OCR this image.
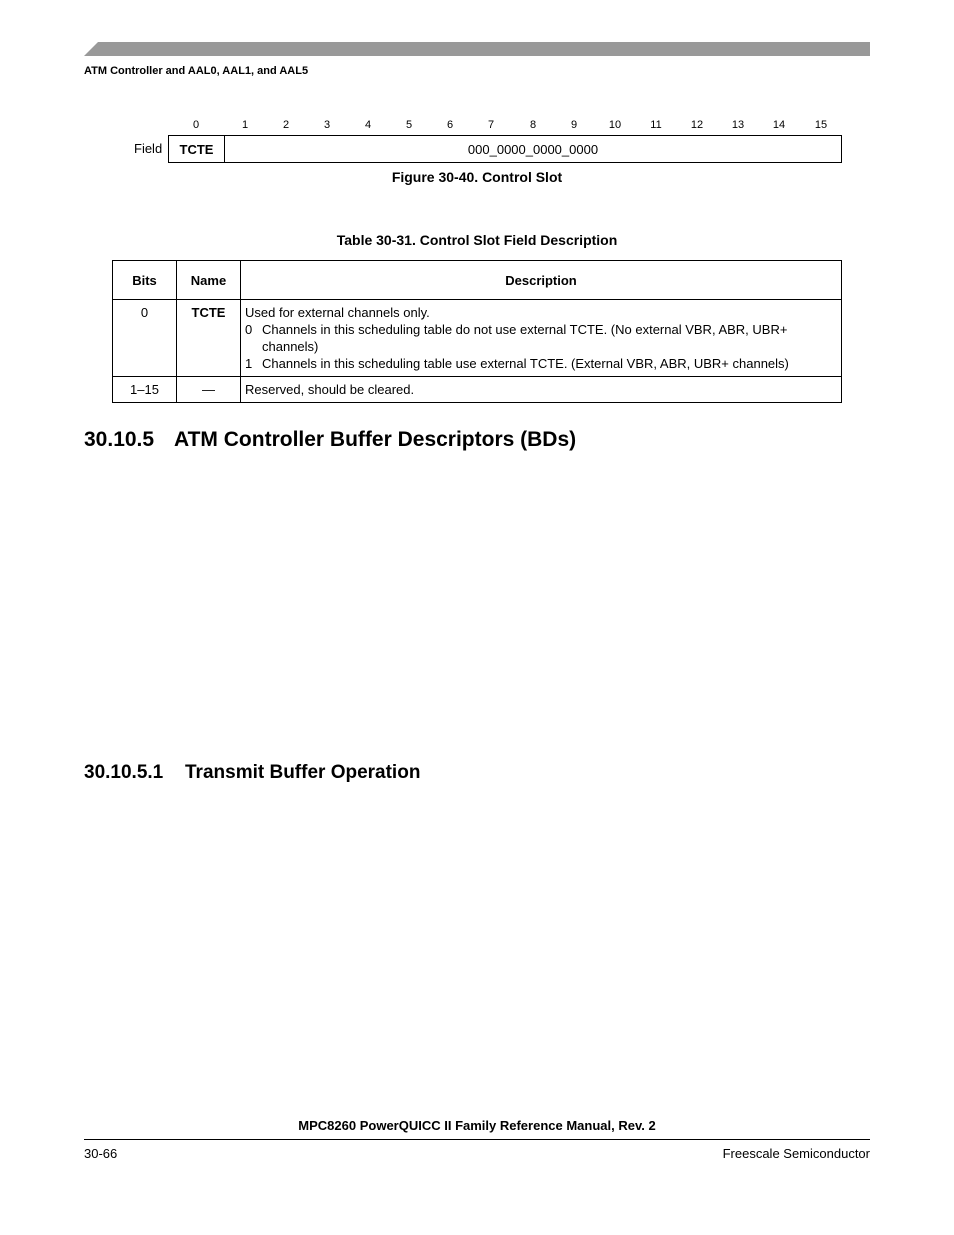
ATM Controller and AAL0, AAL1, and AAL5
0	1	2	3	4	5	6	7	8	9	10	11	12	13	14	15
Field	TCTE	000_0000_0000_0000
Figure 30-40. Control Slot
Table 30-31. Control Slot Field Description
Bits	Name	Description
0	TCTE	Used for external channels only.
0 Channels in this scheduling table do not use external TCTE. (No external VBR, ABR, UBR+ channels)
1 Channels in this scheduling table use external TCTE. (External VBR, ABR, UBR+ channels)

1–15	—	Reserved, should be cleared.
30.10.5 ATM Controller Buffer Descriptors (BDs)
30.10.5.1 Transmit Buffer Operation
MPC8260 PowerQUICC II Family Reference Manual, Rev. 2
30-66	Freescale Semiconductor
